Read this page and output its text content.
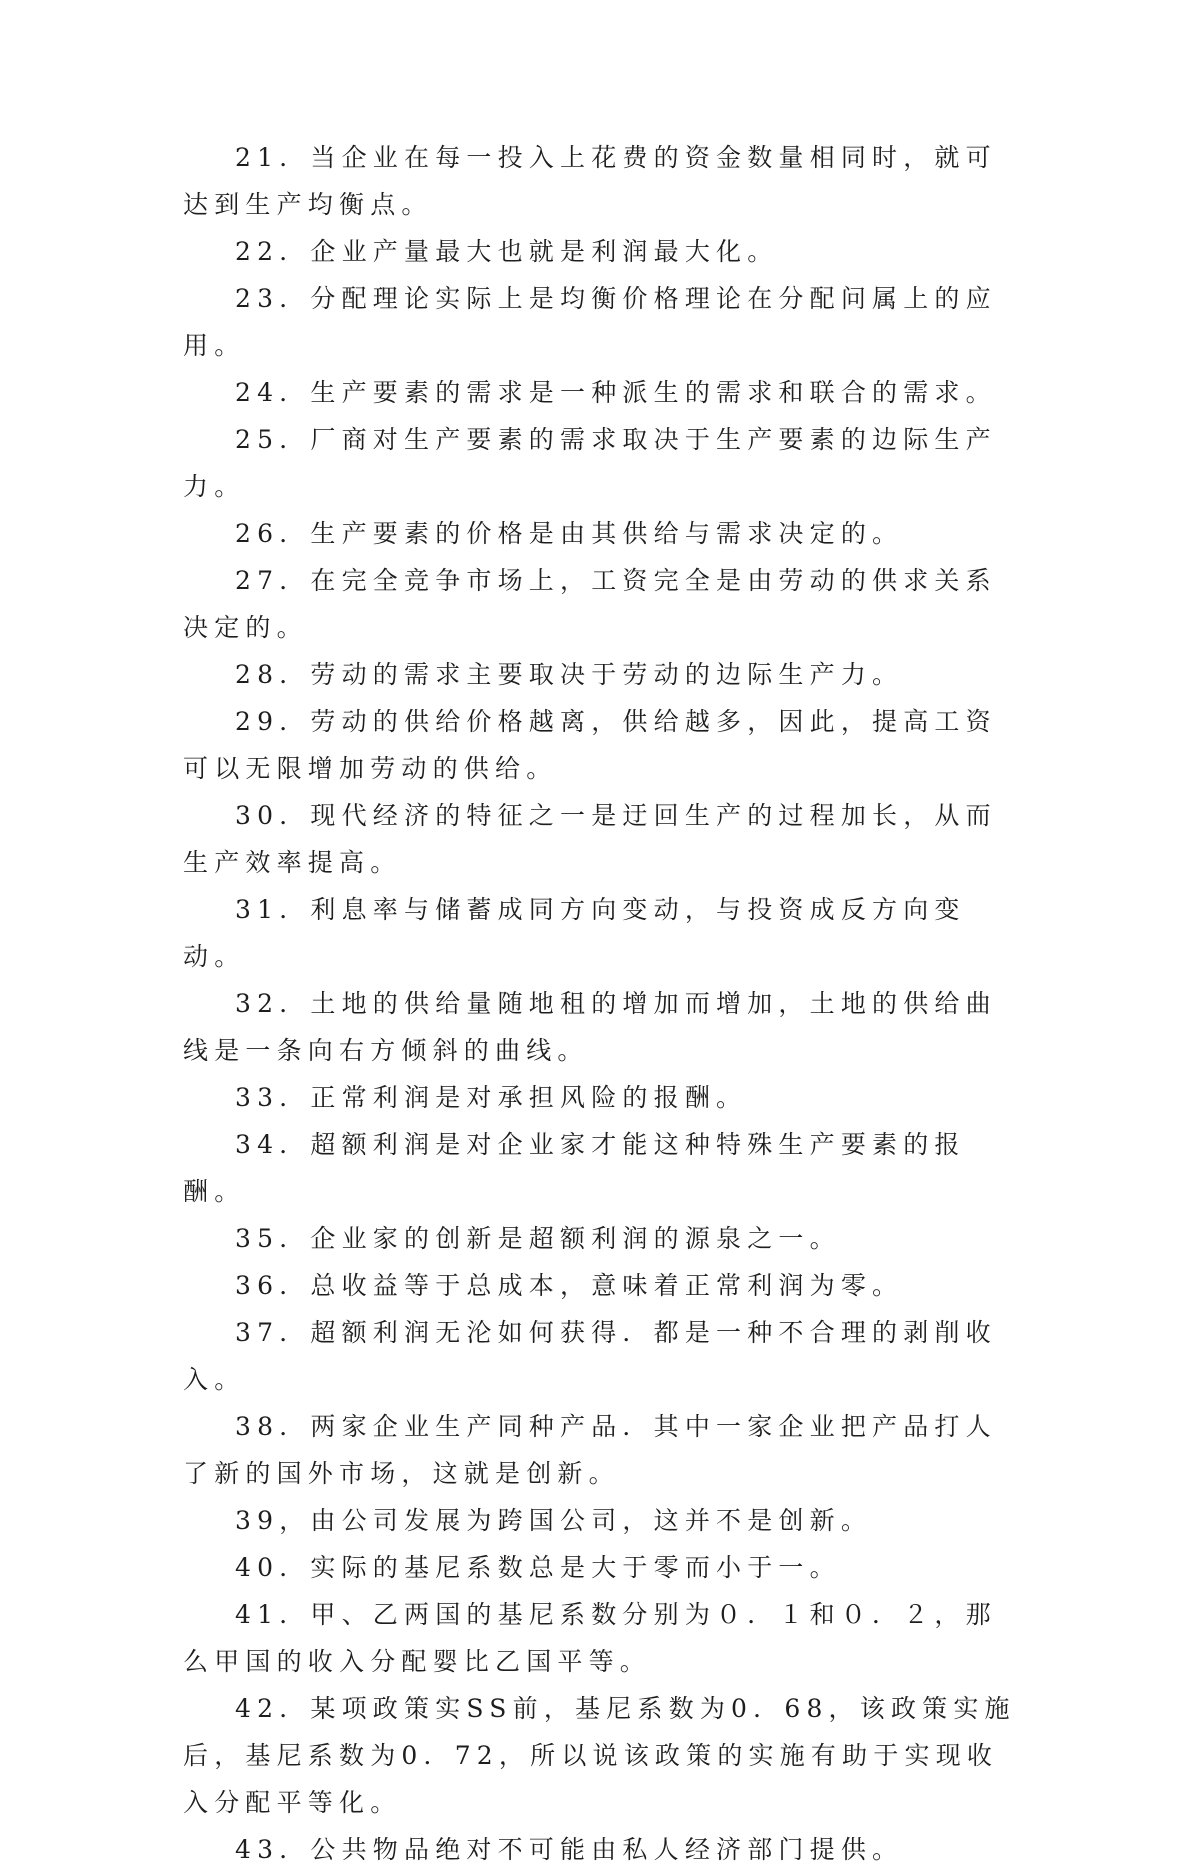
21．当企业在每一投入上花费的资金数量相同时，就可达到生产均衡点。

22．企业产量最大也就是利润最大化。

23．分配理论实际上是均衡价格理论在分配问属上的应用。

24．生产要素的需求是一种派生的需求和联合的需求。

25．厂商对生产要素的需求取决于生产要素的边际生产力。

26．生产要素的价格是由其供给与需求决定的。

27．在完全竞争市场上，工资完全是由劳动的供求关系决定的。

28．劳动的需求主要取决于劳动的边际生产力。

29．劳动的供给价格越离，供给越多，因此，提高工资可以无限增加劳动的供给。

30．现代经济的特征之一是迂回生产的过程加长，从而生产效率提高。

31．利息率与储蓄成同方向变动，与投资成反方向变动。

32．土地的供给量随地租的增加而增加，土地的供给曲线是一条向右方倾斜的曲线。

33．正常利润是对承担风险的报酬。

34．超额利润是对企业家才能这种特殊生产要素的报酬。

35．企业家的创新是超额利润的源泉之一。

36．总收益等于总成本，意味着正常利润为零。

37．超额利润无沦如何获得．都是一种不合理的剥削收入。

38．两家企业生产同种产品．其中一家企业把产品打人了新的国外市场，这就是创新。

39，由公司发展为跨国公司，这并不是创新。

40．实际的基尼系数总是大于零而小于一。

41．甲、乙两国的基尼系数分别为０．１和０．２，那么甲国的收入分配婴比乙国平等。

42．某项政策实SS前，基尼系数为0．68，该政策实施后，基尼系数为0．72，所以说该政策的实施有助于实现收入分配平等化。

43．公共物品绝对不可能由私人经济部门提供。
